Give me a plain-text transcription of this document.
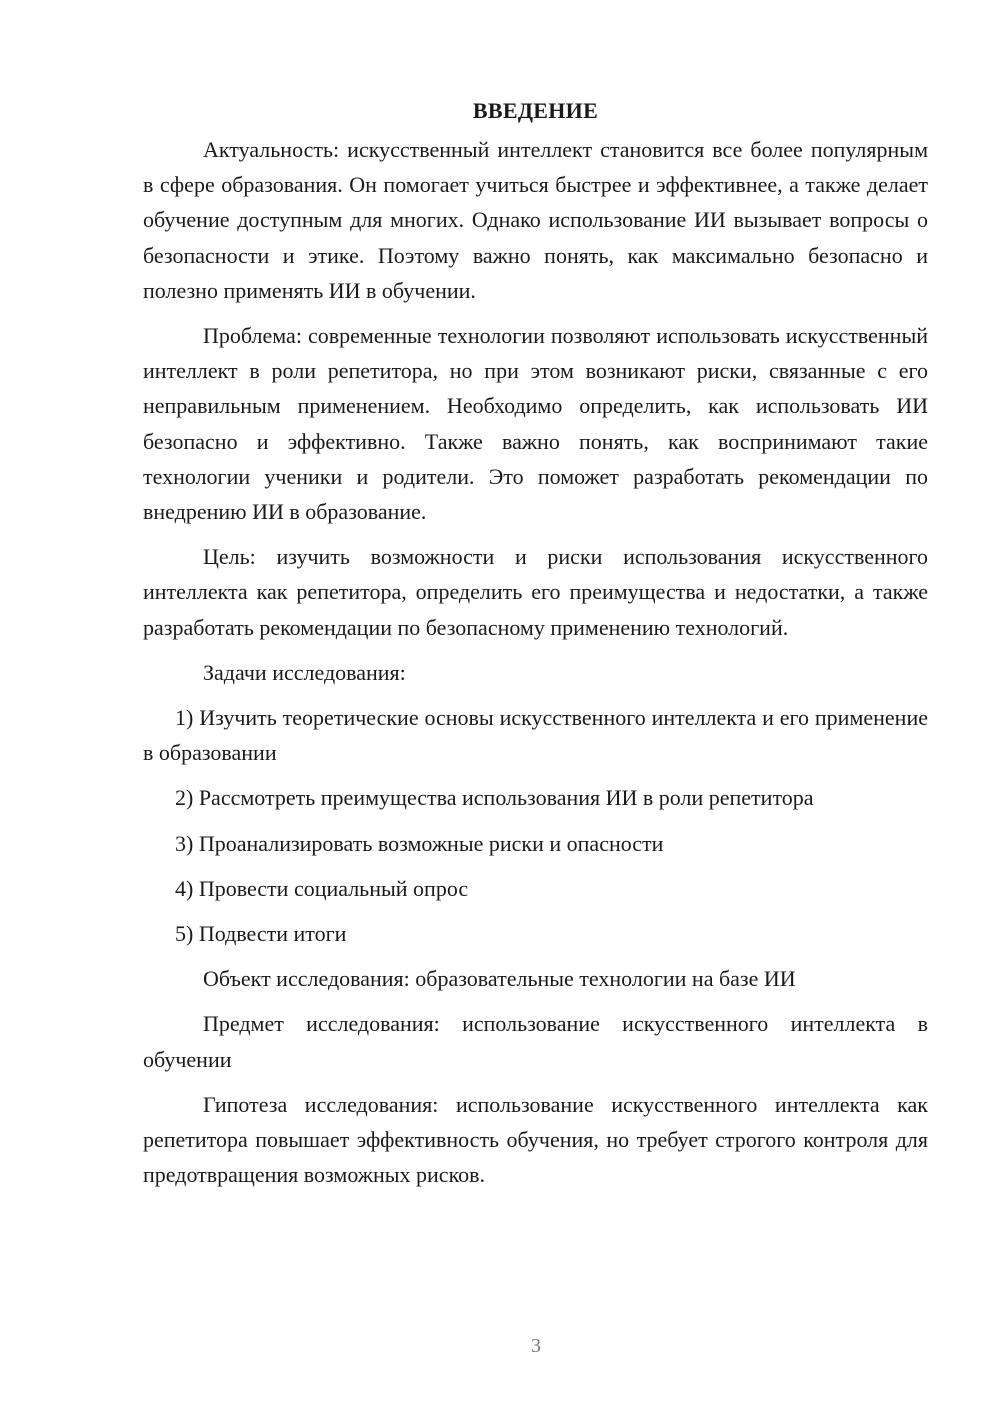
ВВЕДЕНИЕ

Актуальность: искусственный интеллект становится все более популярным в сфере образования. Он помогает учиться быстрее и эффективнее, а также делает обучение доступным для многих. Однако использование ИИ вызывает вопросы о безопасности и этике. Поэтому важно понять, как максимально безопасно и полезно применять ИИ в обучении.

Проблема: современные технологии позволяют использовать искусственный интеллект в роли репетитора, но при этом возникают риски, связанные с его неправильным применением. Необходимо определить, как использовать ИИ безопасно и эффективно. Также важно понять, как воспринимают такие технологии ученики и родители. Это поможет разработать рекомендации по внедрению ИИ в образование.

Цель: изучить возможности и риски использования искусственного интеллекта как репетитора, определить его преимущества и недостатки, а также разработать рекомендации по безопасному применению технологий.

Задачи исследования:

1) Изучить теоретические основы искусственного интеллекта и его применение в образовании

2) Рассмотреть преимущества использования ИИ в роли репетитора

3) Проанализировать возможные риски и опасности

4) Провести социальный опрос

5) Подвести итоги

Объект исследования: образовательные технологии на базе ИИ

Предмет исследования: использование искусственного интеллекта в обучении

Гипотеза исследования: использование искусственного интеллекта как репетитора повышает эффективность обучения, но требует строгого контроля для предотвращения возможных рисков.

3
